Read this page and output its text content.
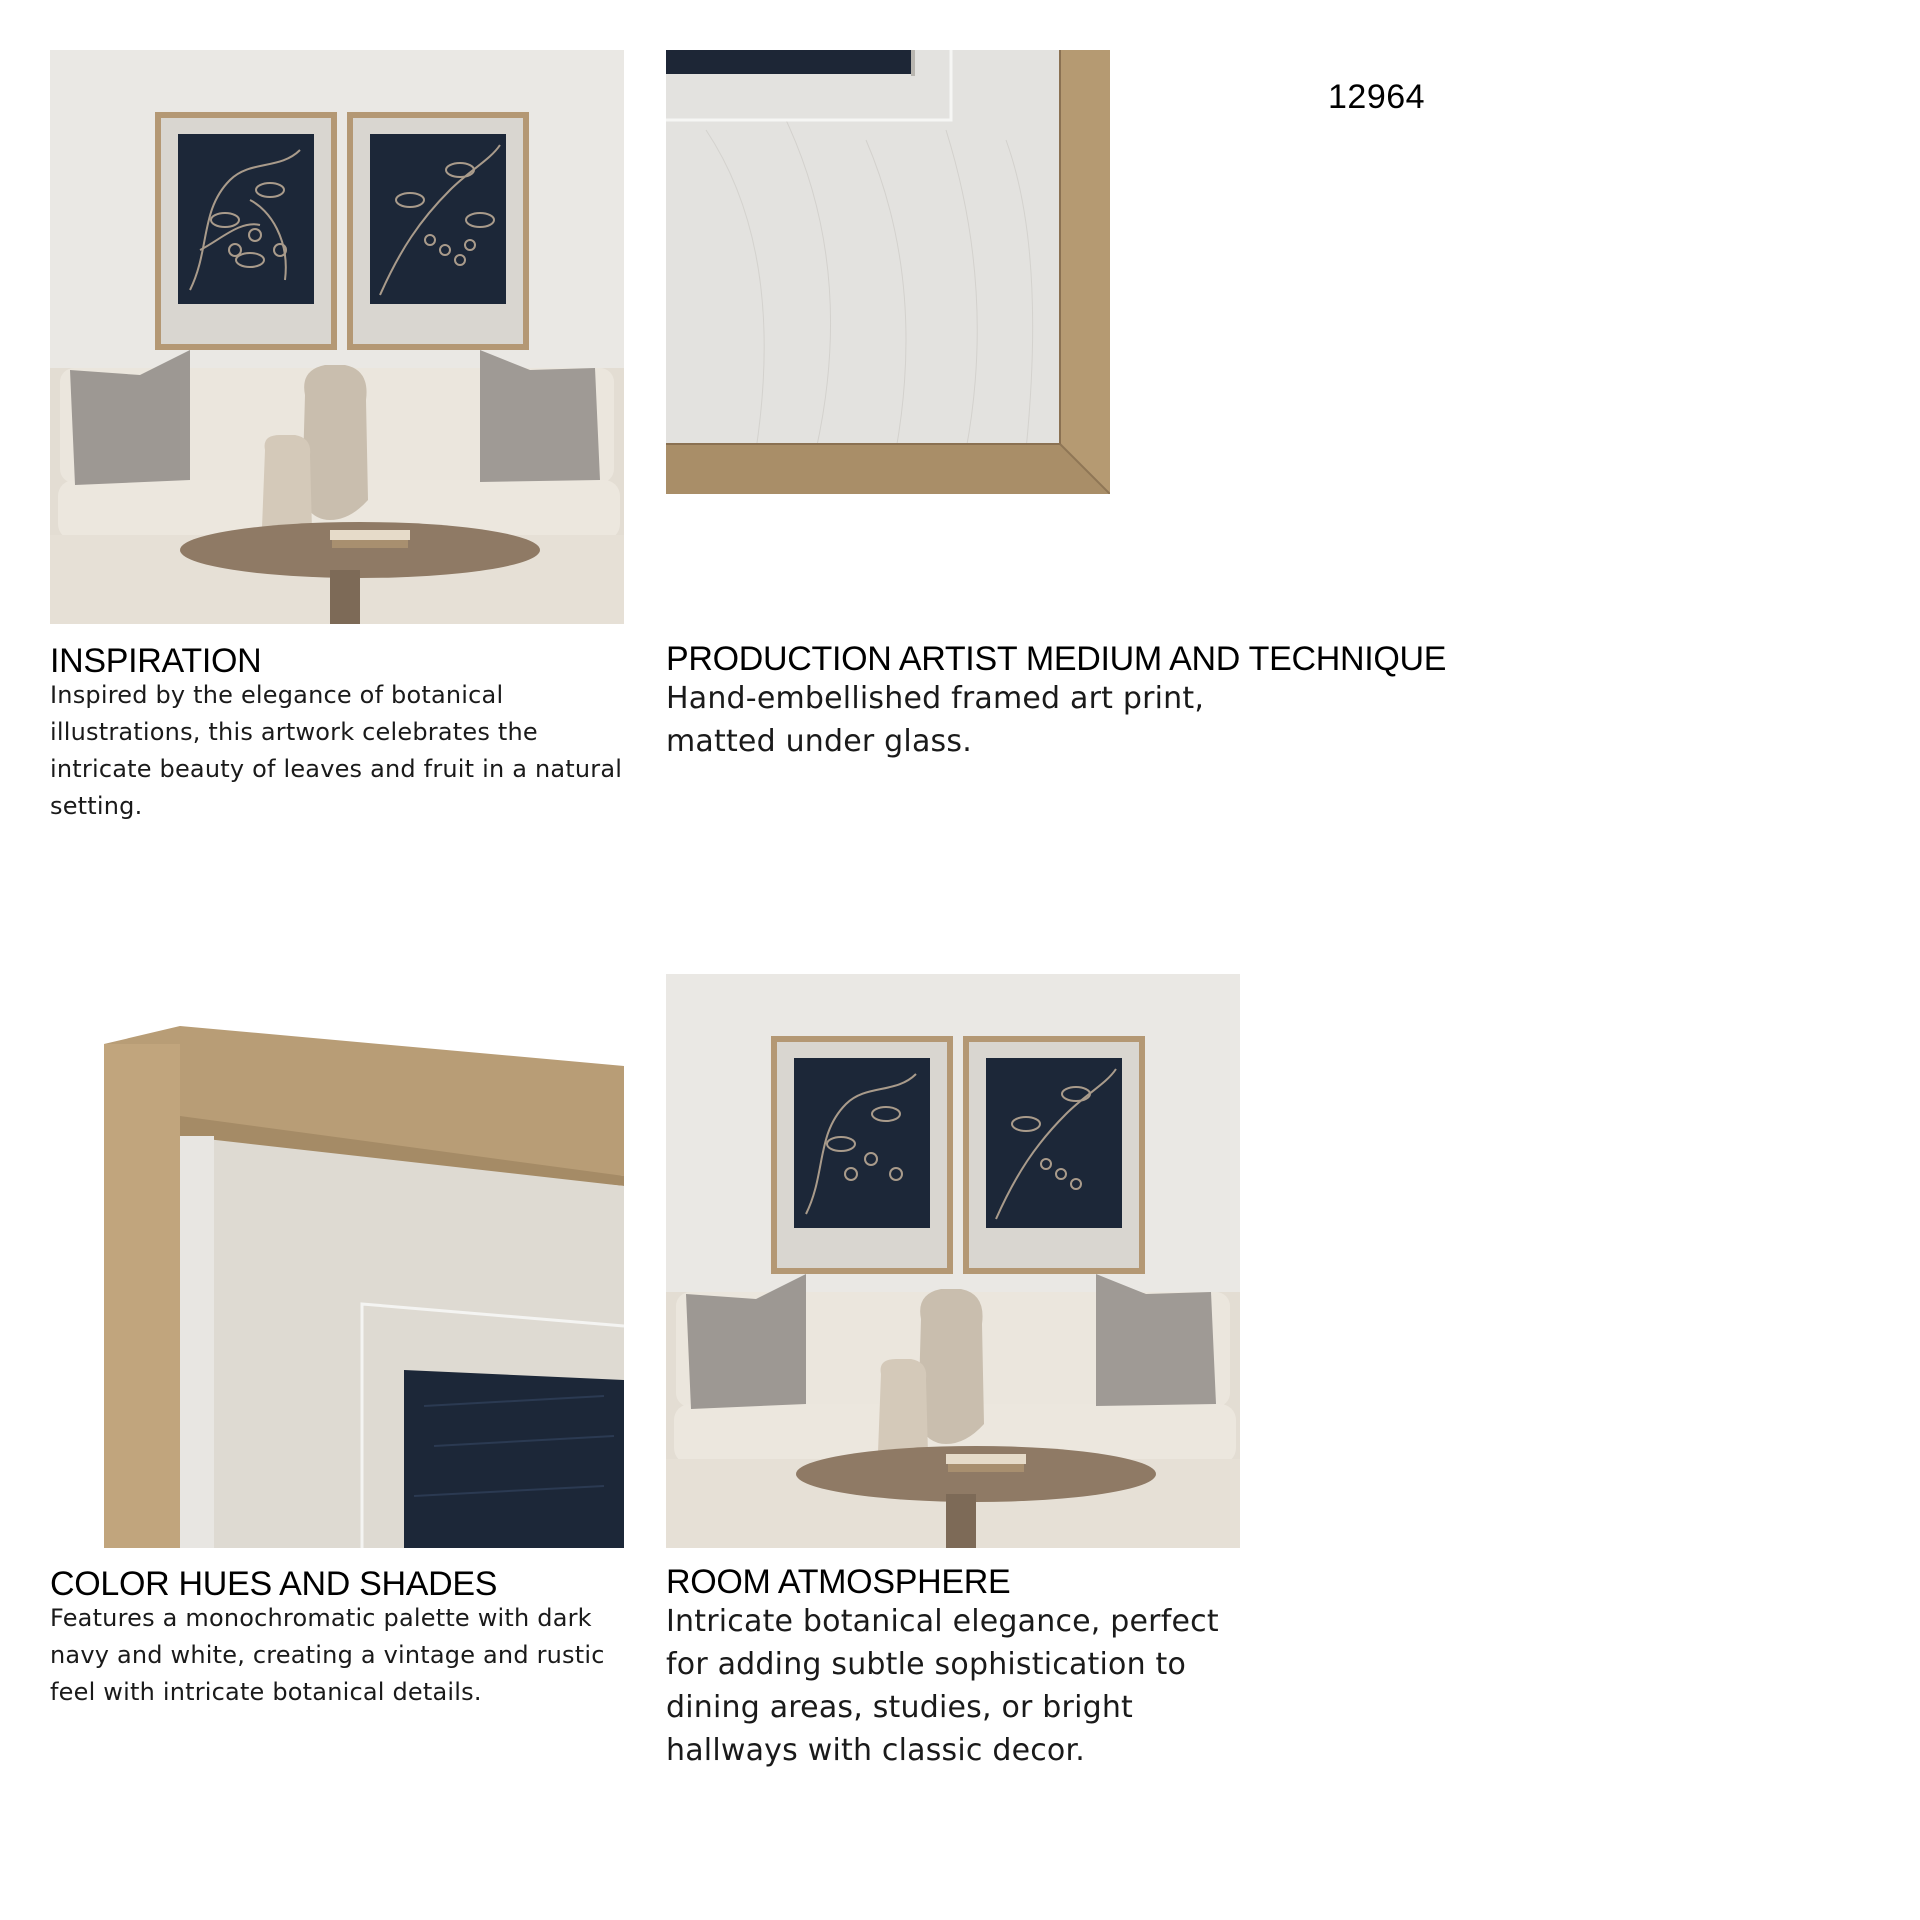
12964
INSPIRATION
Inspired by the elegance of botanical illustrations, this artwork celebrates the intricate beauty of leaves and fruit in a natural setting.
PRODUCTION ARTIST MEDIUM AND TECHNIQUE
Hand-embellished framed art print,
matted under glass.
COLOR HUES AND SHADES
Features a monochromatic palette with dark navy and white, creating a vintage and rustic feel with intricate botanical details.
ROOM ATMOSPHERE
Intricate botanical elegance, perfect for adding subtle sophistication to dining areas, studies, or bright hallways with classic decor.
